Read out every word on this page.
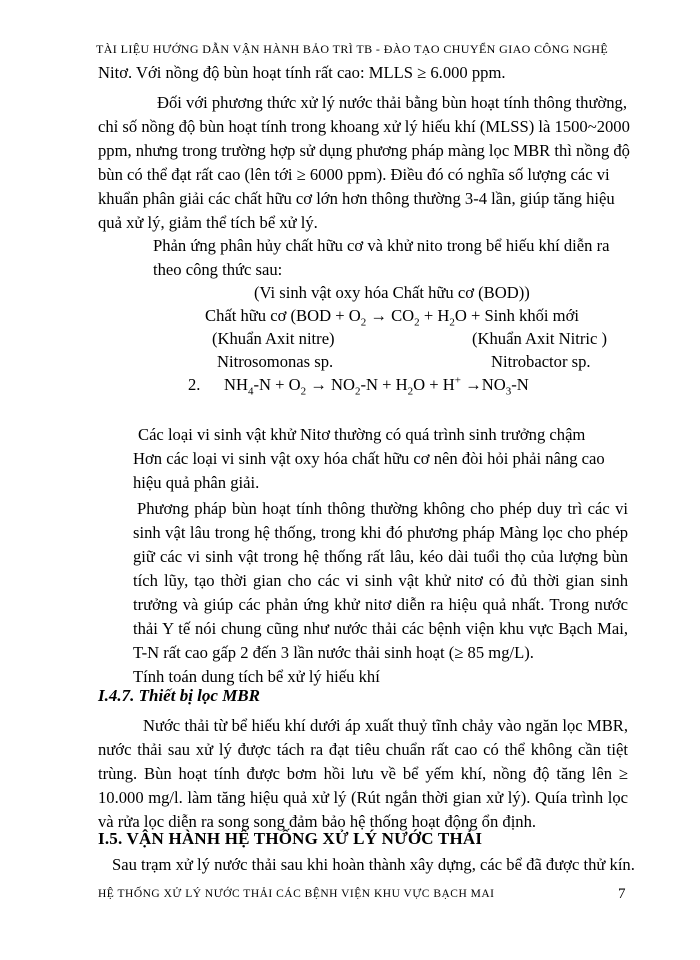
TÀI LIỆU HƯỚNG DẪN VẬN HÀNH BẢO TRÌ TB - ĐÀO TẠO CHUYỂN GIAO CÔNG NGHỆ
Nitơ. Với nồng độ bùn hoạt tính rất cao: MLLS ≥ 6.000 ppm.
Đối với phương thức xử lý nước thải bằng bùn hoạt tính thông thường,
chỉ số nồng độ bùn hoạt tính trong khoang xử lý hiếu khí (MLSS) là 1500~2000
ppm, nhưng trong trường hợp sử dụng phương pháp màng lọc MBR thì nồng độ
bùn có thể đạt rất cao (lên tới ≥ 6000 ppm). Điều đó có nghĩa số lượng các vi
khuẩn phân giải các chất hữu cơ lớn hơn thông thường 3-4 lần, giúp tăng hiệu
quả xử lý, giảm thể tích bể xử lý.
Phản ứng phân hủy chất hữu cơ và khử nito trong bể hiếu khí diễn ra
theo công thức sau:
(Vi sinh vật oxy hóa Chất hữu cơ (BOD))
Chất hữu cơ ($BOD + O_2 \to CO_2 + H_2O$ + Sinh khối mới
(Khuẩn Axit nitre)	(Khuẩn Axit Nitric )
Nitrosomonas sp.	Nitrobactor sp.
2. $NH_4-N + O_2 \to NO_2-N + H_2O + H^+ \to NO_3-N$
Các loại vi sinh vật khử Nitơ thường có quá trình sinh trưởng chậm
Hơn các loại vi sinh vật oxy hóa chất hữu cơ nên đòi hỏi phải nâng cao
hiệu quả phân giải.
Phương pháp bùn hoạt tính thông thường không cho phép duy trì các vi
sinh vật lâu trong hệ thống, trong khi đó phương pháp Màng lọc cho phép
giữ các vi sinh vật trong hệ thống rất lâu, kéo dài tuổi thọ của lượng bùn
tích lũy, tạo thời gian cho các vi sinh vật khử nitơ có đủ thời gian sinh
trưởng và giúp các phản ứng khử nitơ diễn ra hiệu quả nhất. Trong nước
thải Y tế nói chung cũng như nước thải các bệnh viện khu vực Bạch Mai,
T-N rất cao gấp 2 đến 3 lần nước thải sinh hoạt (≥ 85 mg/L).
Tính toán dung tích bể xử lý hiếu khí
I.4.7. Thiết bị lọc MBR
Nước thải từ bể hiếu khí dưới áp xuất thuỷ tĩnh chảy vào ngăn lọc MBR,
nước thải sau xử lý được tách ra đạt tiêu chuẩn rất cao có thể không cần tiệt
trùng. Bùn hoạt tính được bơm hồi lưu về bể yếm khí, nồng độ tăng lên ≥
10.000 mg/l. làm tăng hiệu quả xử lý (Rút ngắn thời gian xử lý). Quía trình lọc
và rửa lọc diễn ra song song đảm bảo hệ thống hoạt động ổn định.
I.5. VẬN HÀNH HỆ THỐNG XỬ LÝ NƯỚC THẢI
Sau trạm xử lý nước thải sau khi hoàn thành xây dựng, các bể đã được thử kín.
HỆ THỐNG XỬ LÝ NƯỚC THẢI CÁC BỆNH VIỆN KHU VỰC BẠCH MAI	7
